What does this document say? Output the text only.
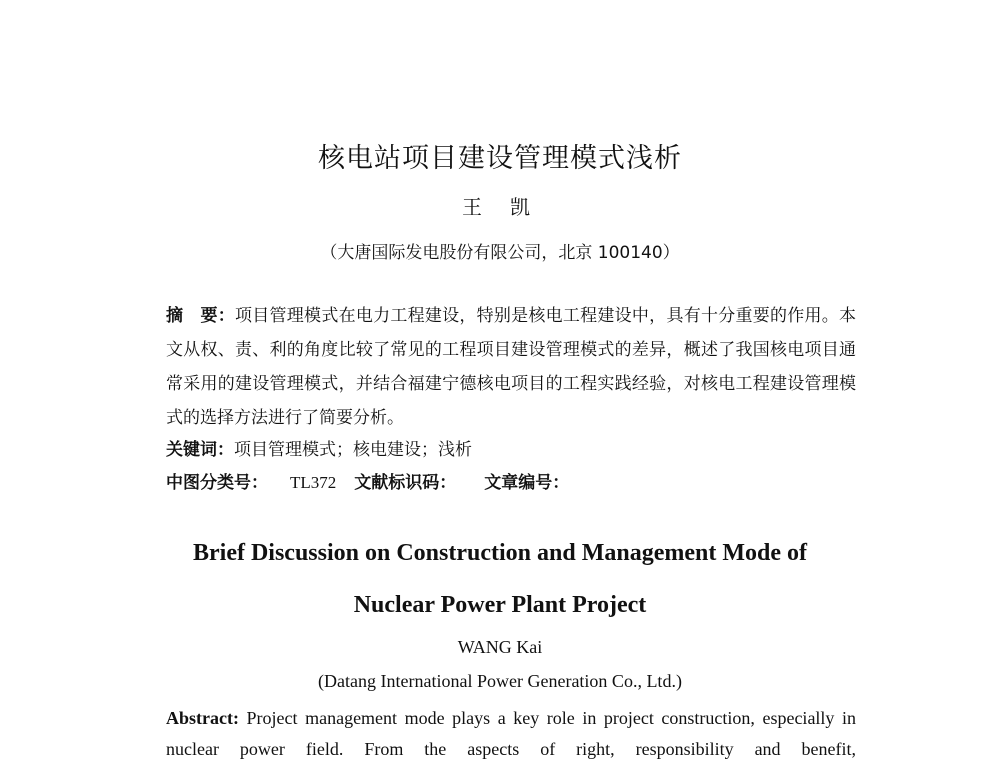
核电站项目建设管理模式浅析
王凯
（大唐国际发电股份有限公司，北京 100140）

摘　要：项目管理模式在电力工程建设，特别是核电工程建设中，具有十分重要的作用。本文从权、责、利的角度比较了常见的工程项目建设管理模式的差异，概述了我国核电项目通常采用的建设管理模式，并结合福建宁德核电项目的工程实践经验，对核电工程建设管理模式的选择方法进行了简要分析。

关键词：项目管理模式；核电建设；浅析
中图分类号： TL372 文献标识码： 文章编号：
Brief Discussion on Construction and Management Mode of
Nuclear Power Plant Project
WANG Kai
(Datang International Power Generation Co., Ltd.)

Abstract: Project management mode plays a key role in project construction, especially in nuclear power field. From the aspects of right, responsibility and benefit,
